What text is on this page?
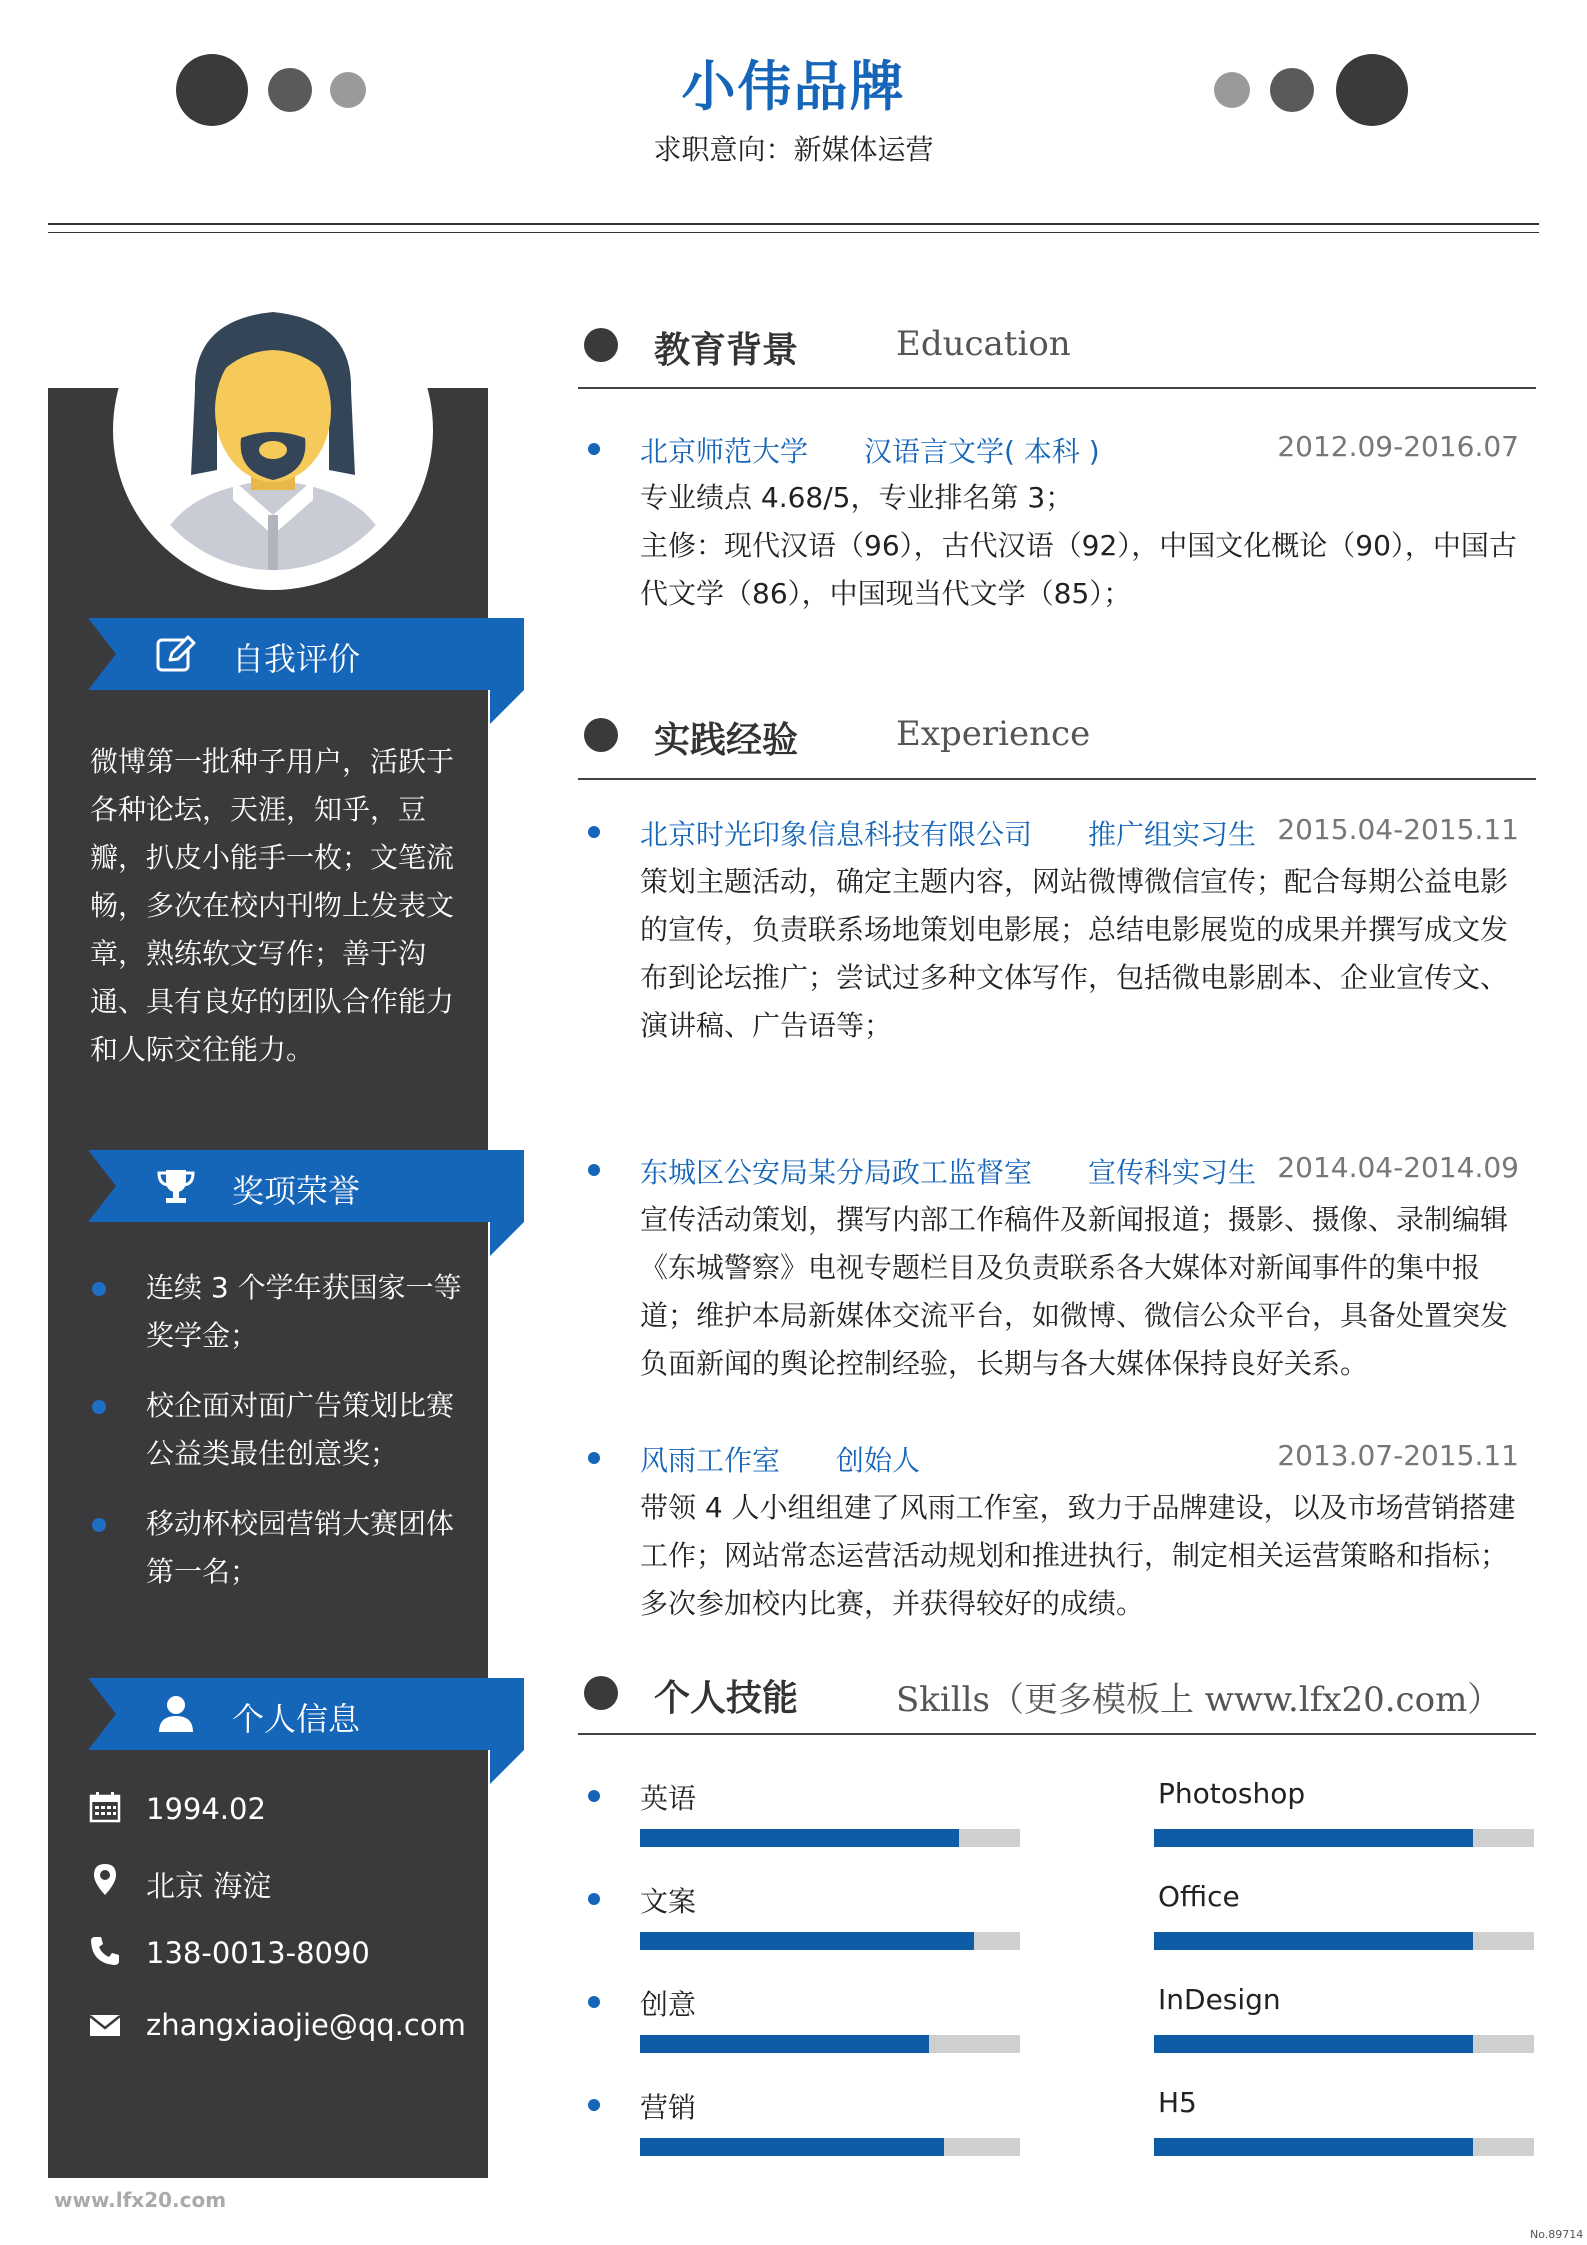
小伟品牌
求职意向：新媒体运营
自我评价
微博第一批种子用户，活跃于各种论坛，天涯，知乎，豆瓣，扒皮小能手一枚；文笔流畅，多次在校内刊物上发表文章，熟练软文写作；善于沟通、具有良好的团队合作能力和人际交往能力。
奖项荣誉
连续 3 个学年获国家一等奖学金；
校企面对面广告策划比赛公益类最佳创意奖；
移动杯校园营销大赛团体第一名；
个人信息
1994.02
北京 海淀
138-0013-8090
zhangxiaojie@qq.com
www.lfx20.com
No.89714
教育背景	Education
北京师范大学 汉语言文学( 本科 )	2012.09-2016.07
专业绩点 4.68/5，专业排名第 3；
主修：现代汉语（96），古代汉语（92），中国文化概论（90），中国古代文学（86），中国现当代文学（85）；
实践经验	Experience
北京时光印象信息科技有限公司 推广组实习生 2015.04-2015.11
策划主题活动，确定主题内容，网站微博微信宣传；配合每期公益电影的宣传，负责联系场地策划电影展；总结电影展览的成果并撰写成文发布到论坛推广；尝试过多种文体写作，包括微电影剧本、企业宣传文、演讲稿、广告语等；
东城区公安局某分局政工监督室 宣传科实习生 2014.04-2014.09
宣传活动策划，撰写内部工作稿件及新闻报道；摄影、摄像、录制编辑《东城警察》电视专题栏目及负责联系各大媒体对新闻事件的集中报道；维护本局新媒体交流平台，如微博、微信公众平台，具备处置突发负面新闻的舆论控制经验，长期与各大媒体保持良好关系。
风雨工作室 创始人	2013.07-2015.11
带领 4 人小组组建了风雨工作室，致力于品牌建设，以及市场营销搭建工作；网站常态运营活动规划和推进执行，制定相关运营策略和指标；多次参加校内比赛，并获得较好的成绩。
个人技能	Skills（更多模板上 www.lfx20.com）
英语
文案
创意
营销
Photoshop
Office
InDesign
H5
